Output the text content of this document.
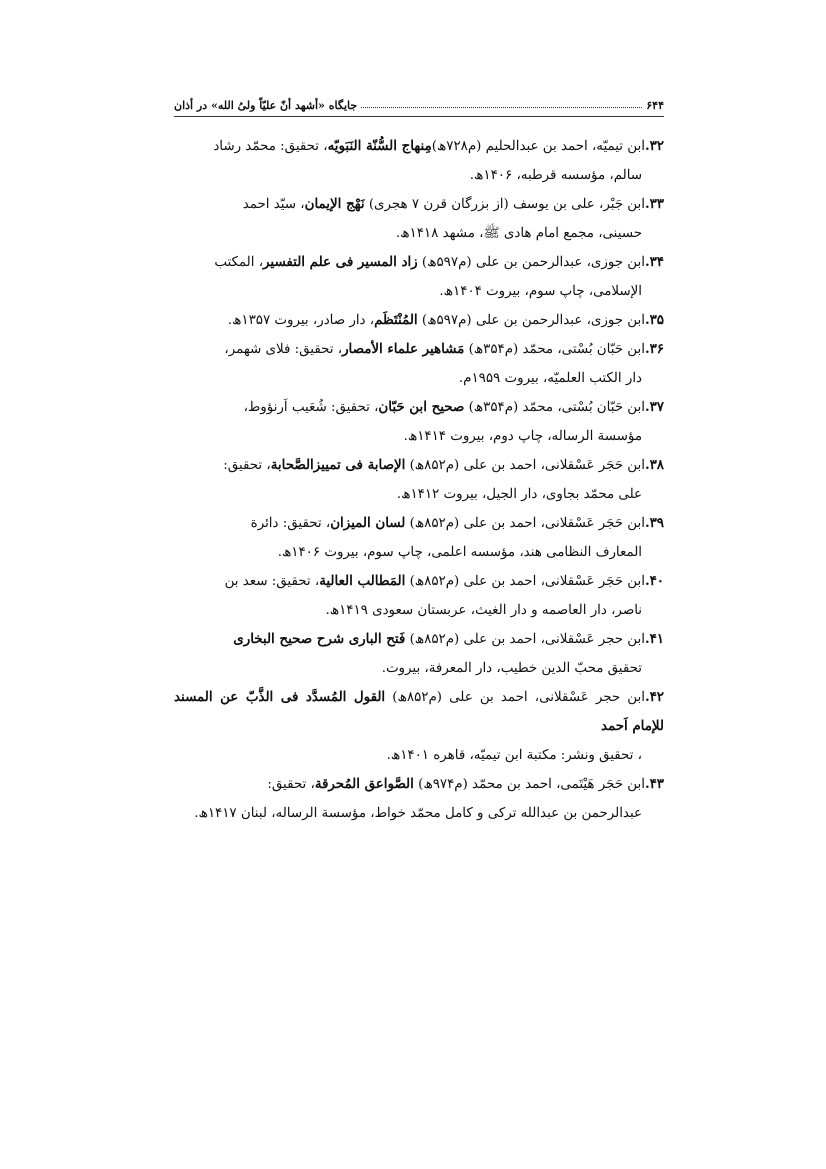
۶۴۴
جایگاه «أشهد أنّ علیّاً ولیُ الله» در أذان
۳۲.ابن تیمیّه، احمد بن عبدالحلیم (م۷۲۸ھ)مِنهاج السُّنّة النَبَویّه، تحقیق: محمّد رشاد
سالم، مؤسسه قرطبه، ۱۴۰۶ھ.
۳۳.ابن جَبْر، علی بن یوسف (از بزرگان قرن ۷ هجری) نَهْج الإیمان، سیّد احمد
حسینی، مجمع امام هادی ﷺ، مشهد ۱۴۱۸ھ.
۳۴.ابن جوزی، عبدالرحمن بن علی (م۵۹۷ھ) زاد المسیر فی علم التفسیر، المکتب
الإسلامی، چاپ سوم، بیروت ۱۴۰۴ھ.
۳۵.ابن جوزی، عبدالرحمن بن علی (م۵۹۷ھ) المُنْتَظَم، دار صادر، بیروت ۱۳۵۷ھ.
۳۶.ابن حَبّان بُسْتی، محمّد (م۳۵۴ھ) مَشاهیر علماء الأمصار، تحقیق: فلای شهمر،
دار الکتب العلمیّه، بیروت ۱۹۵۹م.
۳۷.ابن حَبّان بُسْتی، محمّد (م۳۵۴ھ) صحیح ابن حَبّان، تحقیق: شُعَیب اَرنؤوط،
مؤسسة الرساله، چاپ دوم، بیروت ۱۴۱۴ھ.
۳۸.ابن حَجَر عَسْقلانی، احمد بن علی (م۸۵۲ھ) الإصابة فی تمییزالصَّحابة، تحقیق:
علی محمّد بجاوی، دار الجیل، بیروت ۱۴۱۲ھ.
۳۹.ابن حَجَر عَسْقلانی، احمد بن علی (م۸۵۲ھ) لسان المیزان، تحقیق: دائرة
المعارف النظامی هند، مؤسسه اعلمی، چاپ سوم، بیروت ۱۴۰۶ھ.
۴۰.ابن حَجَر عَسْقلانی، احمد بن علی (م۸۵۲ھ) المَطالب العالیة، تحقیق: سعد بن
ناصر، دار العاصمه و دار الغیث، عربستان سعودی ۱۴۱۹ھ.
۴۱.ابن حجر عَسْقلانی، احمد بن علی (م۸۵۲ھ) فَتح الباری شرح صحیح البخاری
تحقیق محبّ الدین خطیب، دار المعرفة، بیروت.
۴۲.ابن حجر عَسْقلانی، احمد بن علی (م۸۵۲ھ) القول المُسدَّد فی الذَّبّ عن المسند للإمام اَحمد
، تحقیق ونشر: مکتبة ابن تیمیّه، قاهره ۱۴۰۱ھ.
۴۳.ابن حَجَر هَیْتَمی، احمد بن محمّد (م۹۷۴ھ) الصَّواعق المُحرقة، تحقیق:
عبدالرحمن بن عبدالله ترکی و کامل محمّد خواط، مؤسسة الرساله، لبنان ۱۴۱۷ھ.
